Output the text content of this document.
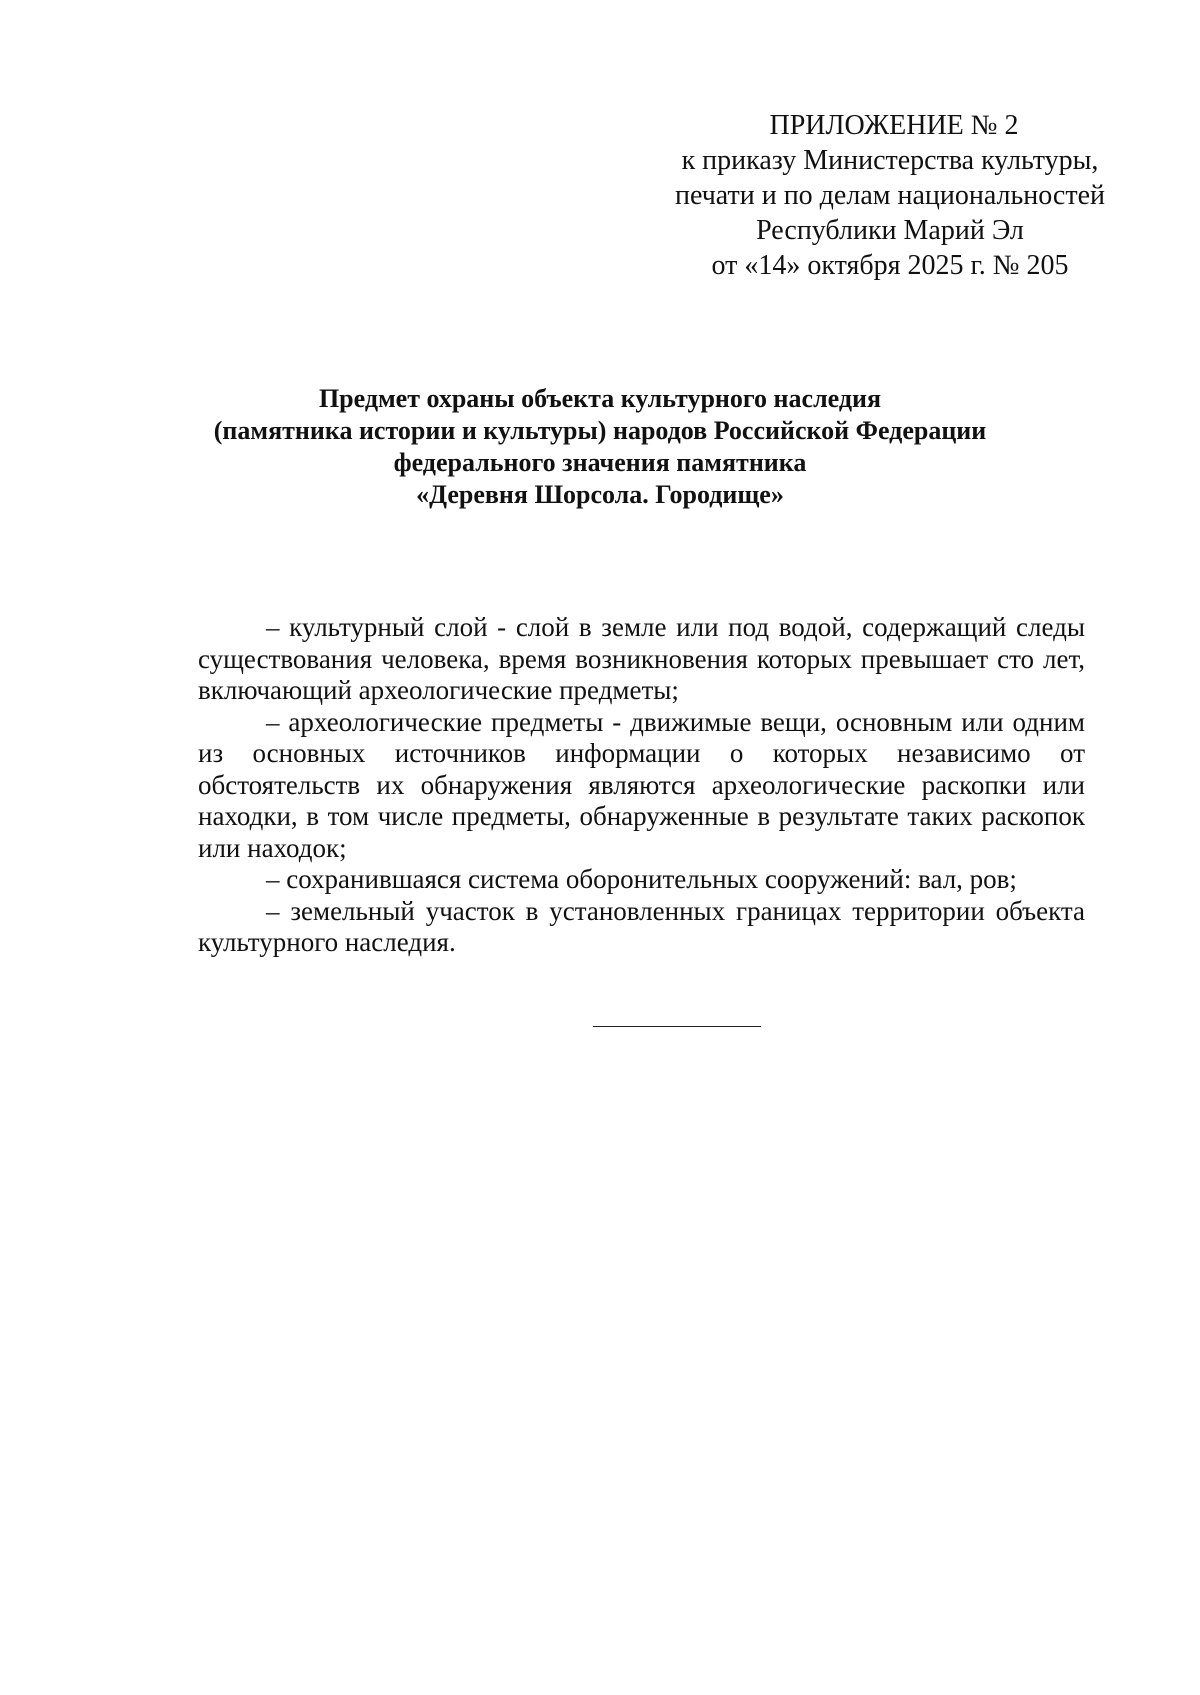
ПРИЛОЖЕНИЕ № 2
к приказу Министерства культуры,
печати и по делам национальностей
Республики Марий Эл
от «14» октября 2025 г. № 205
Предмет охраны объекта культурного наследия
(памятника истории и культуры) народов Российской Федерации
федерального значения памятника
«Деревня Шорсола. Городище»

– культурный слой - слой в земле или под водой, содержащий следы существования человека, время возникновения которых превышает сто лет, включающий археологические предметы;

– археологические предметы - движимые вещи, основным или одним из основных источников информации о которых независимо от обстоятельств их обнаружения являются археологические раскопки или находки, в том числе предметы, обнаруженные в результате таких раскопок или находок;

– сохранившаяся система оборонительных сооружений: вал, ров;

– земельный участок в установленных границах территории объекта культурного наследия.
